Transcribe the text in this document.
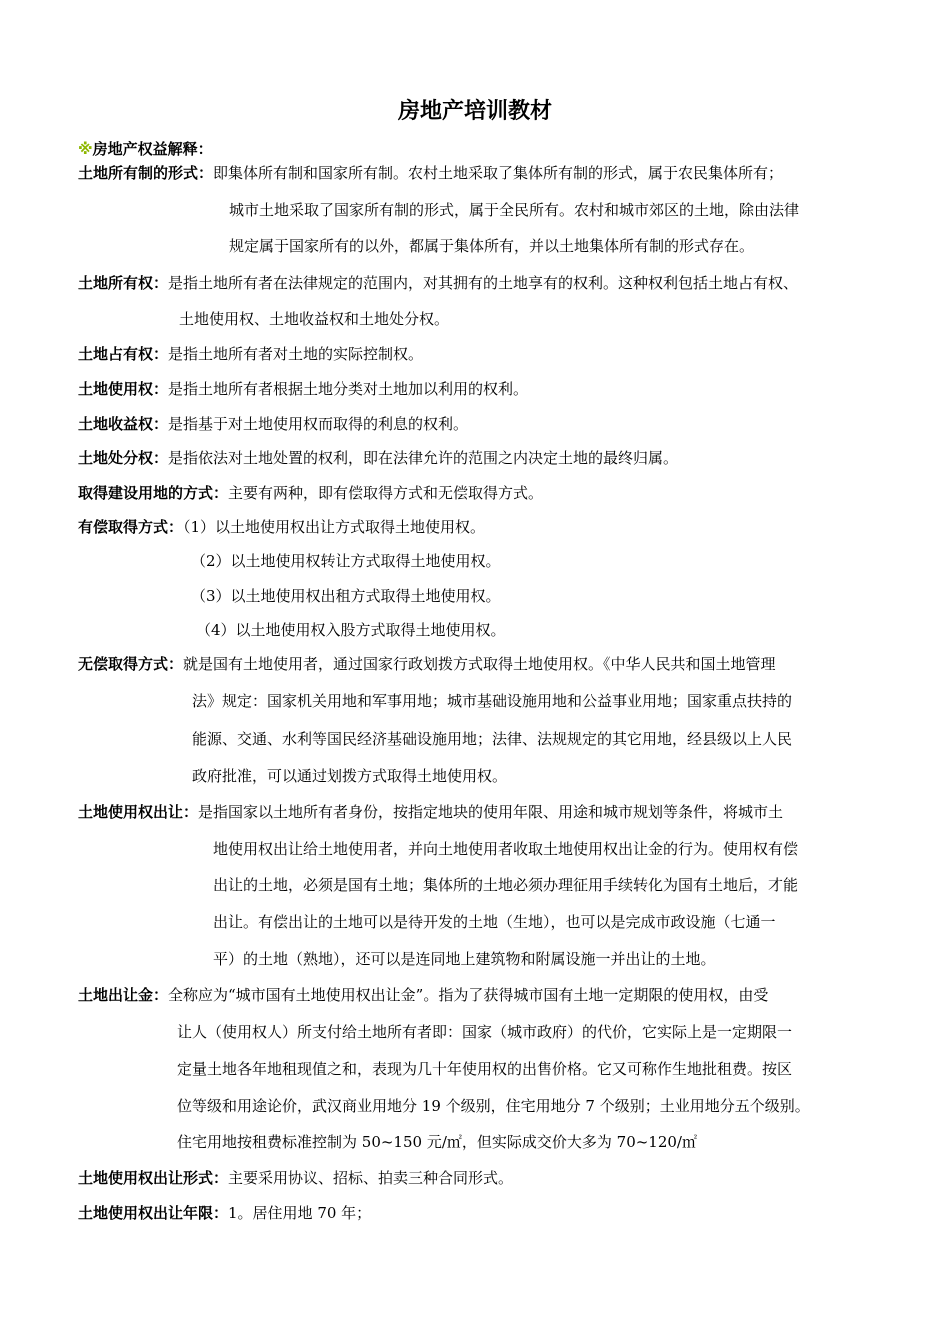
房地产培训教材
※房地产权益解释：
土地所有制的形式：即集体所有制和国家所有制。农村土地采取了集体所有制的形式，属于农民集体所有；
城市土地采取了国家所有制的形式，属于全民所有。农村和城市郊区的土地，除由法律
规定属于国家所有的以外，都属于集体所有，并以土地集体所有制的形式存在。
土地所有权：是指土地所有者在法律规定的范围内，对其拥有的土地享有的权利。这种权利包括土地占有权、
土地使用权、土地收益权和土地处分权。
土地占有权：是指土地所有者对土地的实际控制权。
土地使用权：是指土地所有者根据土地分类对土地加以利用的权利。
土地收益权：是指基于对土地使用权而取得的利息的权利。
土地处分权：是指依法对土地处置的权利，即在法律允许的范围之内决定土地的最终归属。
取得建设用地的方式：主要有两种，即有偿取得方式和无偿取得方式。
有偿取得方式：（1）以土地使用权出让方式取得土地使用权。
（2）以土地使用权转让方式取得土地使用权。
（3）以土地使用权出租方式取得土地使用权。
（4）以土地使用权入股方式取得土地使用权。
无偿取得方式：就是国有土地使用者，通过国家行政划拨方式取得土地使用权。《中华人民共和国土地管理
法》规定：国家机关用地和军事用地；城市基础设施用地和公益事业用地；国家重点扶持的
能源、交通、水利等国民经济基础设施用地；法律、法规规定的其它用地，经县级以上人民
政府批准，可以通过划拨方式取得土地使用权。
土地使用权出让：是指国家以土地所有者身份，按指定地块的使用年限、用途和城市规划等条件，将城市土
地使用权出让给土地使用者，并向土地使用者收取土地使用权出让金的行为。使用权有偿
出让的土地，必须是国有土地；集体所的土地必须办理征用手续转化为国有土地后，才能
出让。有偿出让的土地可以是待开发的土地（生地），也可以是完成市政设施（七通一
平）的土地（熟地），还可以是连同地上建筑物和附属设施一并出让的土地。
土地出让金：全称应为“城市国有土地使用权出让金”。指为了获得城市国有土地一定期限的使用权，由受
让人（使用权人）所支付给土地所有者即：国家（城市政府）的代价，它实际上是一定期限一
定量土地各年地租现值之和，表现为几十年使用权的出售价格。它又可称作生地批租费。按区
位等级和用途论价，武汉商业用地分 19 个级别，住宅用地分 7 个级别；土业用地分五个级别。
住宅用地按租费标准控制为 50~150 元/㎡，但实际成交价大多为 70~120/㎡
土地使用权出让形式：主要采用协议、招标、拍卖三种合同形式。
土地使用权出让年限：1。居住用地 70 年；
